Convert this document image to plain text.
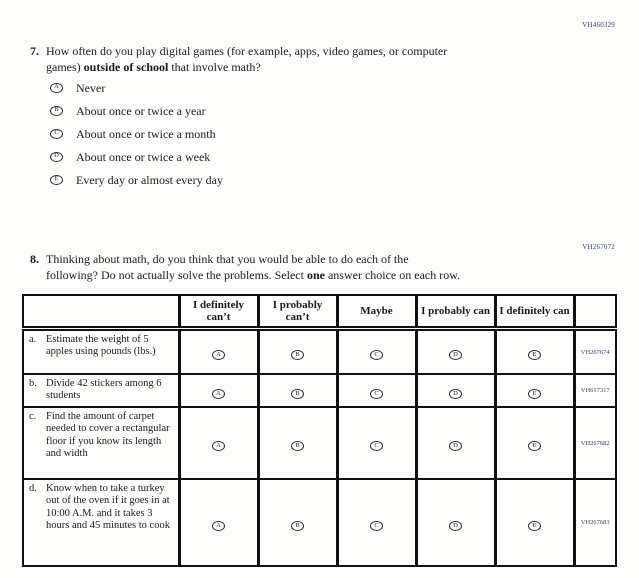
VH460329
7. How often do you play digital games (for example, apps, video games, or computer
games) outside of school that involve math?
A Never
B About once or twice a year
C About once or twice a month
D About once or twice a week
E Every day or almost every day
VH267672
8. Thinking about math, do you think that you would be able to do each of the
following? Do not actually solve the problems. Select one answer choice on each row.
	I definitely can’t	I probably can’t	Maybe	I probably can	I definitely can	

a. Estimate the weight of 5 apples using pounds (lbs.)	A	B	C	D	E	VH267674

b. Divide 42 stickers among 6 students	A	B	C	D	E	VH617317

c. Find the amount of carpet needed to cover a rectangular floor if you know its length and width	A	B	C	D	E	VH267682

d. Know when to take a turkey out of the oven if it goes in at 10:00 A.M. and it takes 3 hours and 45 minutes to cook	A	B	C	D	E	VH267683
